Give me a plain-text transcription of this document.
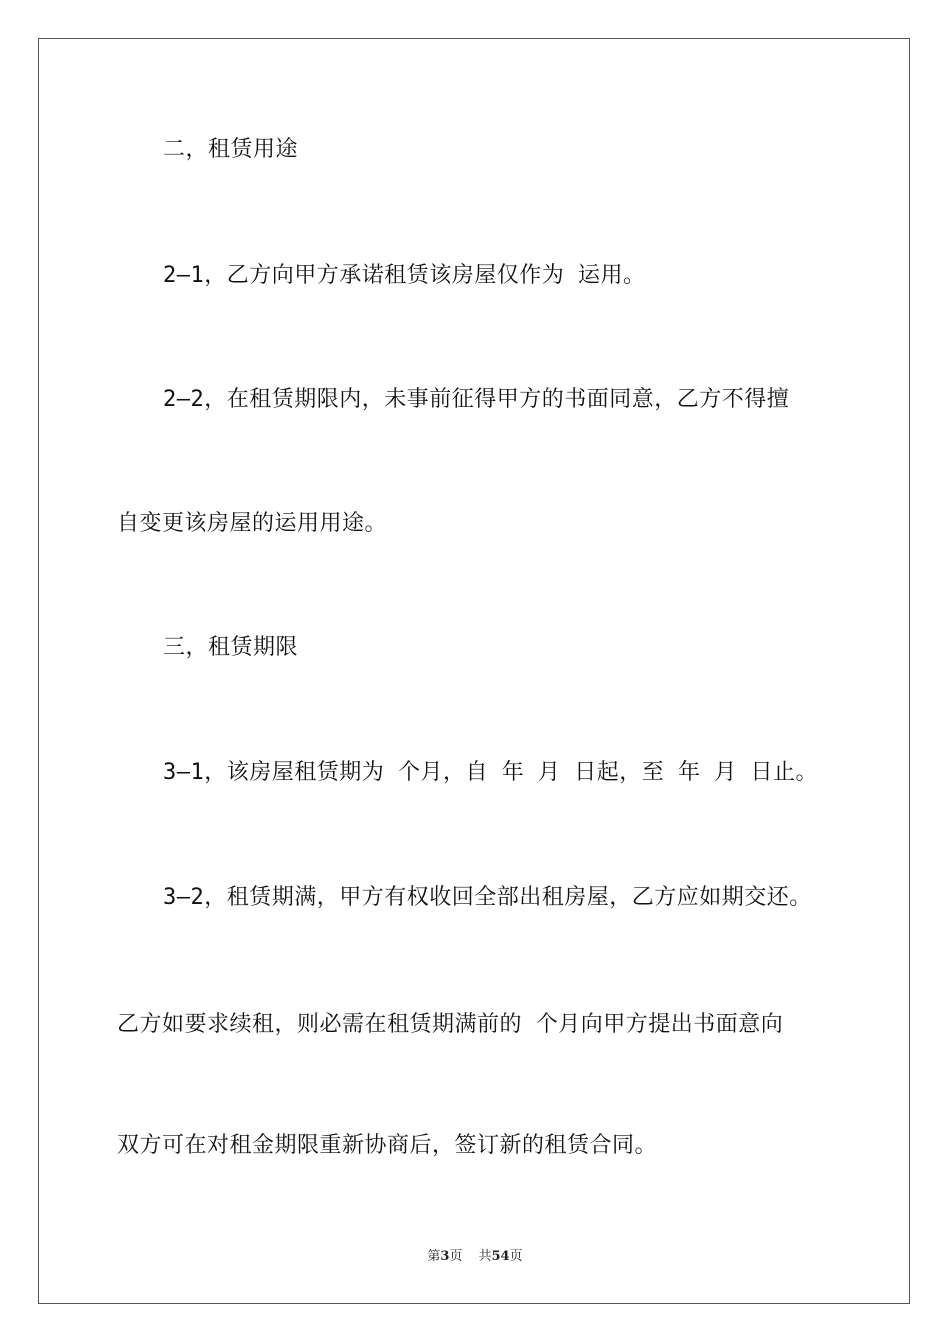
二，租赁用途
2—1，乙方向甲方承诺租赁该房屋仅作为 运用。
2—2，在租赁期限内，未事前征得甲方的书面同意，乙方不得擅
自变更该房屋的运用用途。
三，租赁期限
3—1，该房屋租赁期为 个月，自 年 月 日起，至 年 月 日止。
3—2，租赁期满，甲方有权收回全部出租房屋，乙方应如期交还。
乙方如要求续租，则必需在租赁期满前的 个月向甲方提出书面意向
双方可在对租金期限重新协商后，签订新的租赁合同。
第3页 共54页
